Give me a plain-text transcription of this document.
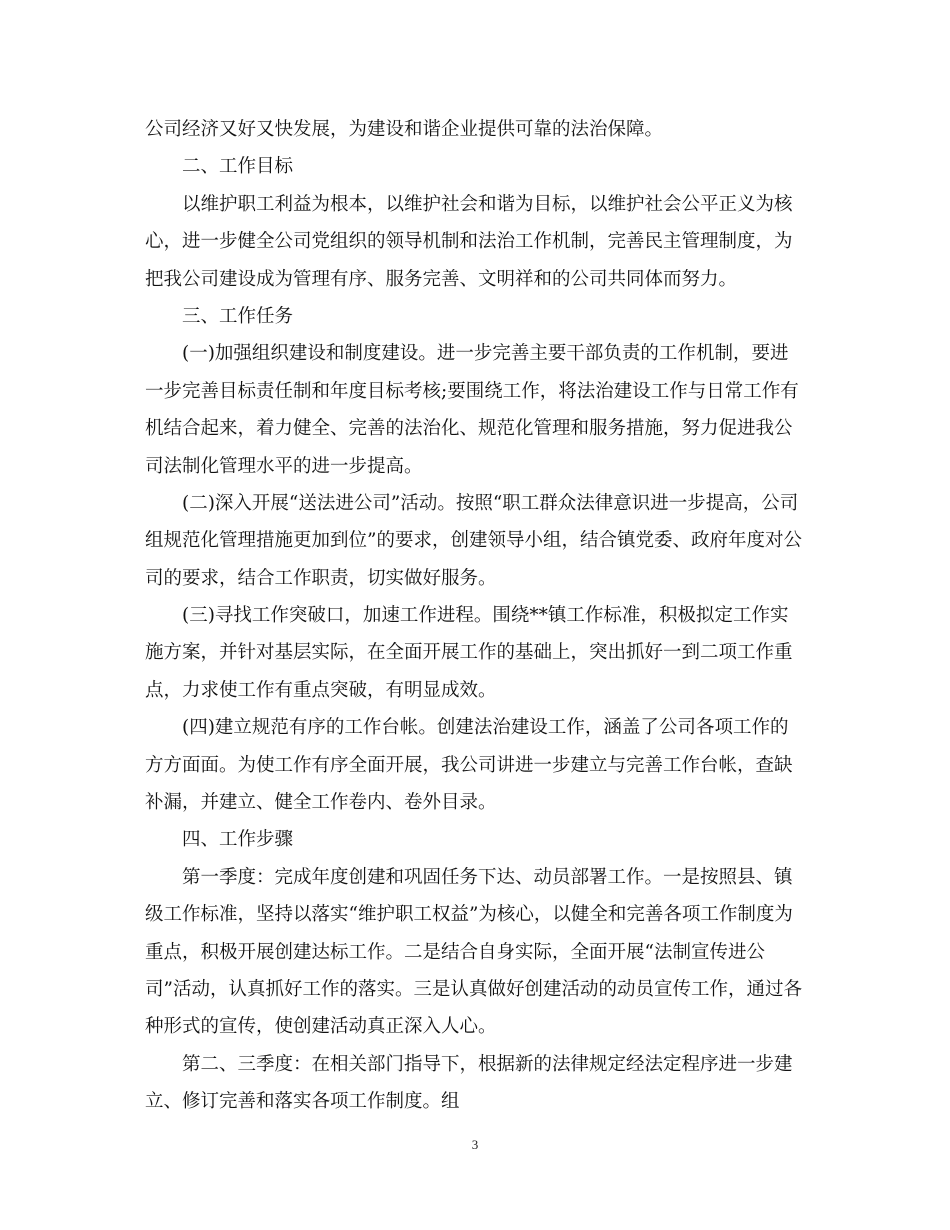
公司经济又好又快发展，为建设和谐企业提供可靠的法治保障。
二、工作目标
以维护职工利益为根本，以维护社会和谐为目标，以维护社会公平正义为核
心，进一步健全公司党组织的领导机制和法治工作机制，完善民主管理制度，为
把我公司建设成为管理有序、服务完善、文明祥和的公司共同体而努力。
三、工作任务
(一)加强组织建设和制度建设。进一步完善主要干部负责的工作机制，要进
一步完善目标责任制和年度目标考核;要围绕工作，将法治建设工作与日常工作有
机结合起来，着力健全、完善的法治化、规范化管理和服务措施，努力促进我公
司法制化管理水平的进一步提高。
(二)深入开展“送法进公司”活动。按照“职工群众法律意识进一步提高，公司
组规范化管理措施更加到位”的要求，创建领导小组，结合镇党委、政府年度对公
司的要求，结合工作职责，切实做好服务。
(三)寻找工作突破口，加速工作进程。围绕**镇工作标准，积极拟定工作实
施方案，并针对基层实际，在全面开展工作的基础上，突出抓好一到二项工作重
点，力求使工作有重点突破，有明显成效。
(四)建立规范有序的工作台帐。创建法治建设工作，涵盖了公司各项工作的
方方面面。为使工作有序全面开展，我公司讲进一步建立与完善工作台帐，查缺
补漏，并建立、健全工作卷内、卷外目录。
四、工作步骤
第一季度：完成年度创建和巩固任务下达、动员部署工作。一是按照县、镇
级工作标准，坚持以落实“维护职工权益”为核心，以健全和完善各项工作制度为
重点，积极开展创建达标工作。二是结合自身实际，全面开展“法制宣传进公
司”活动，认真抓好工作的落实。三是认真做好创建活动的动员宣传工作，通过各
种形式的宣传，使创建活动真正深入人心。
第二、三季度：在相关部门指导下，根据新的法律规定经法定程序进一步建
立、修订完善和落实各项工作制度。组
3
